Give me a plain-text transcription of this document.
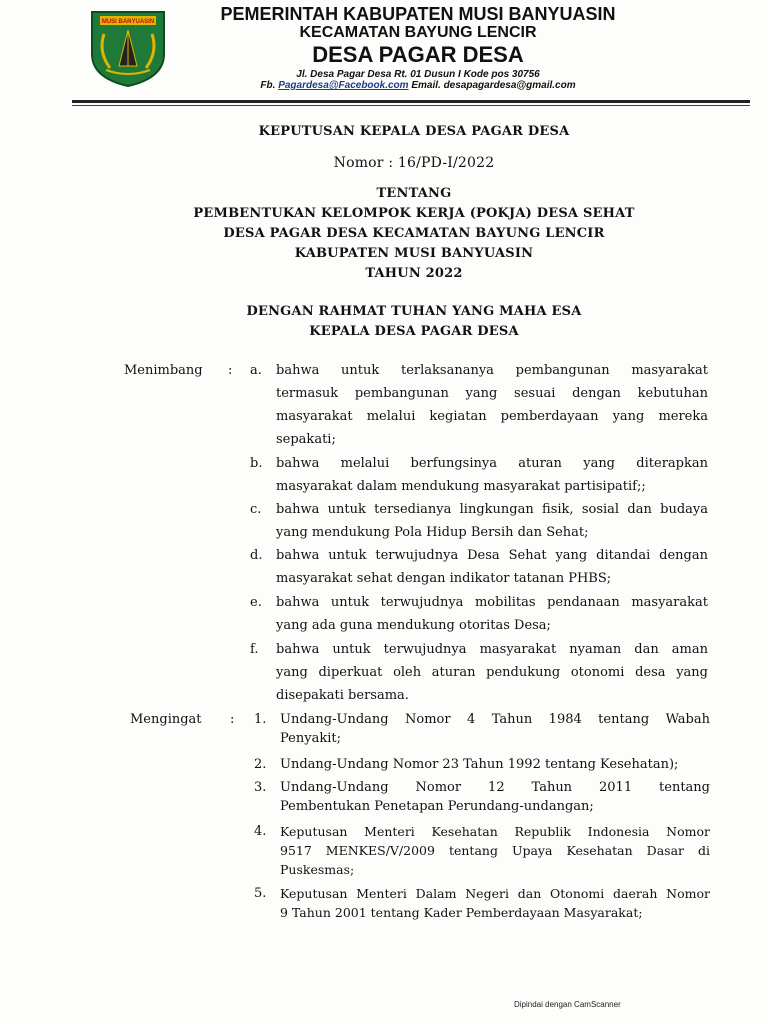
MUSI BANYUASIN	PEMERINTAH KABUPATEN MUSI BANYUASIN
KECAMATAN BAYUNG LENCIR
DESA PAGAR DESA
Jl. Desa Pagar Desa Rt. 01 Dusun I Kode pos 30756
Fb. Pagardesa@Facebook.com Email. desapagardesa@gmail.com
KEPUTUSAN KEPALA DESA PAGAR DESA
Nomor : 16/PD-I/2022
TENTANG
PEMBENTUKAN KELOMPOK KERJA (POKJA) DESA SEHAT
DESA PAGAR DESA KECAMATAN BAYUNG LENCIR
KABUPATEN MUSI BANYUASIN
TAHUN 2022
DENGAN RAHMAT TUHAN YANG MAHA ESA
KEPALA DESA PAGAR DESA
Menimbang : a. bahwa untuk terlaksananya pembangunan masyarakat
termasuk pembangunan yang sesuai dengan kebutuhan
masyarakat melalui kegiatan pemberdayaan yang mereka
sepakati;
b. bahwa melalui berfungsinya aturan yang diterapkan
masyarakat dalam mendukung masyarakat partisipatif;;
c. bahwa untuk tersedianya lingkungan fisik, sosial dan budaya
yang mendukung Pola Hidup Bersih dan Sehat;
d. bahwa untuk terwujudnya Desa Sehat yang ditandai dengan
masyarakat sehat dengan indikator tatanan PHBS;
e. bahwa untuk terwujudnya mobilitas pendanaan masyarakat
yang ada guna mendukung otoritas Desa;
f. bahwa untuk terwujudnya masyarakat nyaman dan aman
yang diperkuat oleh aturan pendukung otonomi desa yang
disepakati bersama.
Mengingat : 1. Undang-Undang Nomor 4 Tahun 1984 tentang Wabah
Penyakit;
2. Undang-Undang Nomor 23 Tahun 1992 tentang Kesehatan);
3. Undang-Undang Nomor 12 Tahun 2011 tentang
Pembentukan Penetapan Perundang-undangan;
4. Keputusan Menteri Kesehatan Republik Indonesia Nomor
9517 MENKES/V/2009 tentang Upaya Kesehatan Dasar di
Puskesmas;
5. Keputusan Menteri Dalam Negeri dan Otonomi daerah Nomor
9 Tahun 2001 tentang Kader Pemberdayaan Masyarakat;
Dipindai dengan CamScanner
